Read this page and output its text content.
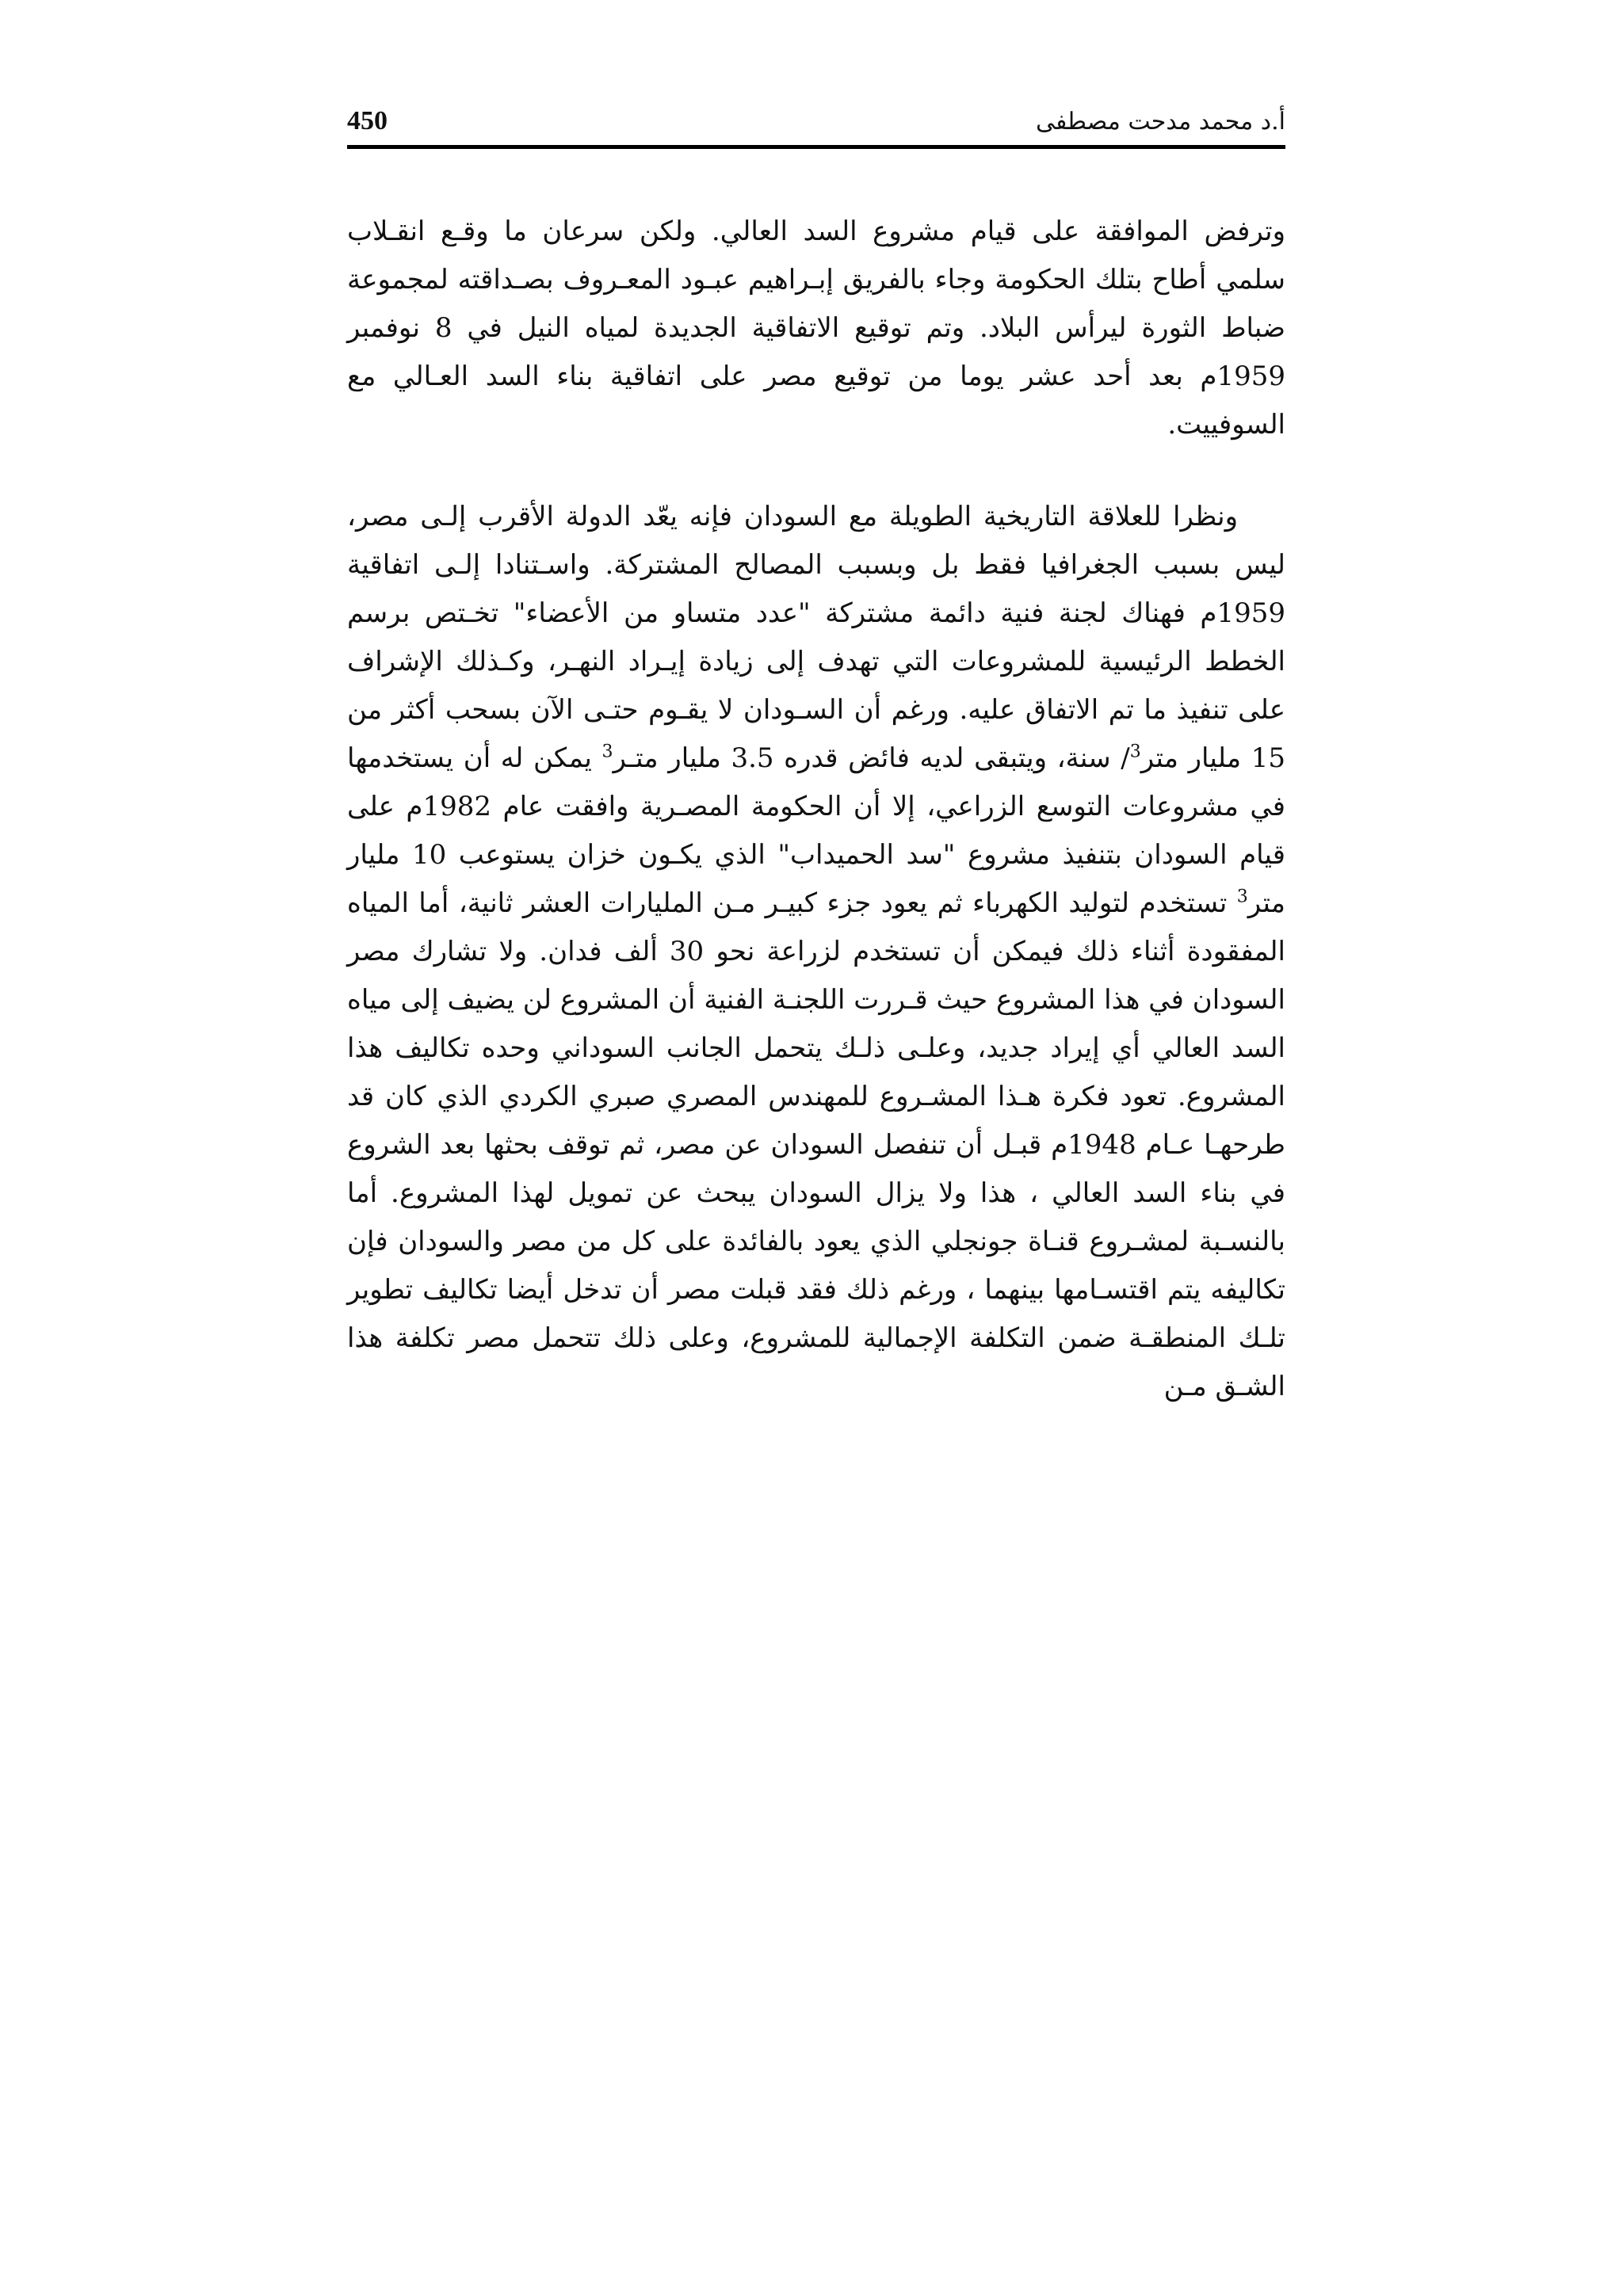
450	أ.د محمد مدحت مصطفى

وترفض الموافقة على قيام مشروع السد العالي. ولكن سرعان ما وقـع انقـلاب سلمي أطاح بتلك الحكومة وجاء بالفريق إبـراهيم عبـود المعـروف بصـداقته لمجموعة ضباط الثورة ليرأس البلاد. وتم توقيع الاتفاقية الجديدة لمياه النيل في 8 نوفمبر 1959م بعد أحد عشر يوما من توقيع مصر على اتفاقية بناء السد العـالي مع السوفييت.

ونظرا للعلاقة التاريخية الطويلة مع السودان فإنه يعّد الدولة الأقرب إلـى مصر، ليس بسبب الجغرافيا فقط بل وبسبب المصالح المشتركة. واسـتنادا إلـى اتفاقية 1959م فهناك لجنة فنية دائمة مشتركة "عدد متساو من الأعضاء" تخـتص برسم الخطط الرئيسية للمشروعات التي تهدف إلى زيادة إيـراد النهـر، وكـذلك الإشراف على تنفيذ ما تم الاتفاق عليه. ورغم أن السـودان لا يقـوم حتـى الآن بسحب أكثر من 15 مليار متر$^3$/ سنة، ويتبقى لديه فائض قدره 3.5 مليار متـر$^3$ يمكن له أن يستخدمها في مشروعات التوسع الزراعي، إلا أن الحكومة المصـرية وافقت عام 1982م على قيام السودان بتنفيذ مشروع "سد الحميداب" الذي يكـون خزان يستوعب 10 مليار متر$^3$ تستخدم لتوليد الكهرباء ثم يعود جزء كبيـر مـن المليارات العشر ثانية، أما المياه المفقودة أثناء ذلك فيمكن أن تستخدم لزراعة نحو 30 ألف فدان. ولا تشارك مصر السودان في هذا المشروع حيث قـررت اللجنـة الفنية أن المشروع لن يضيف إلى مياه السد العالي أي إيراد جديد، وعلـى ذلـك يتحمل الجانب السوداني وحده تكاليف هذا المشروع. تعود فكرة هـذا المشـروع للمهندس المصري صبري الكردي الذي كان قد طرحهـا عـام 1948م قبـل أن تنفصل السودان عن مصر، ثم توقف بحثها بعد الشروع في بناء السد العالي ، هذا ولا يزال السودان يبحث عن تمويل لهذا المشروع. أما بالنسـبة لمشـروع قنـاة جونجلي الذي يعود بالفائدة على كل من مصر والسودان فإن تكاليفه يتم اقتسـامها بينهما ، ورغم ذلك فقد قبلت مصر أن تدخل أيضا تكاليف تطوير تلـك المنطقـة ضمن التكلفة الإجمالية للمشروع، وعلى ذلك تتحمل مصر تكلفة هذا الشـق مـن
